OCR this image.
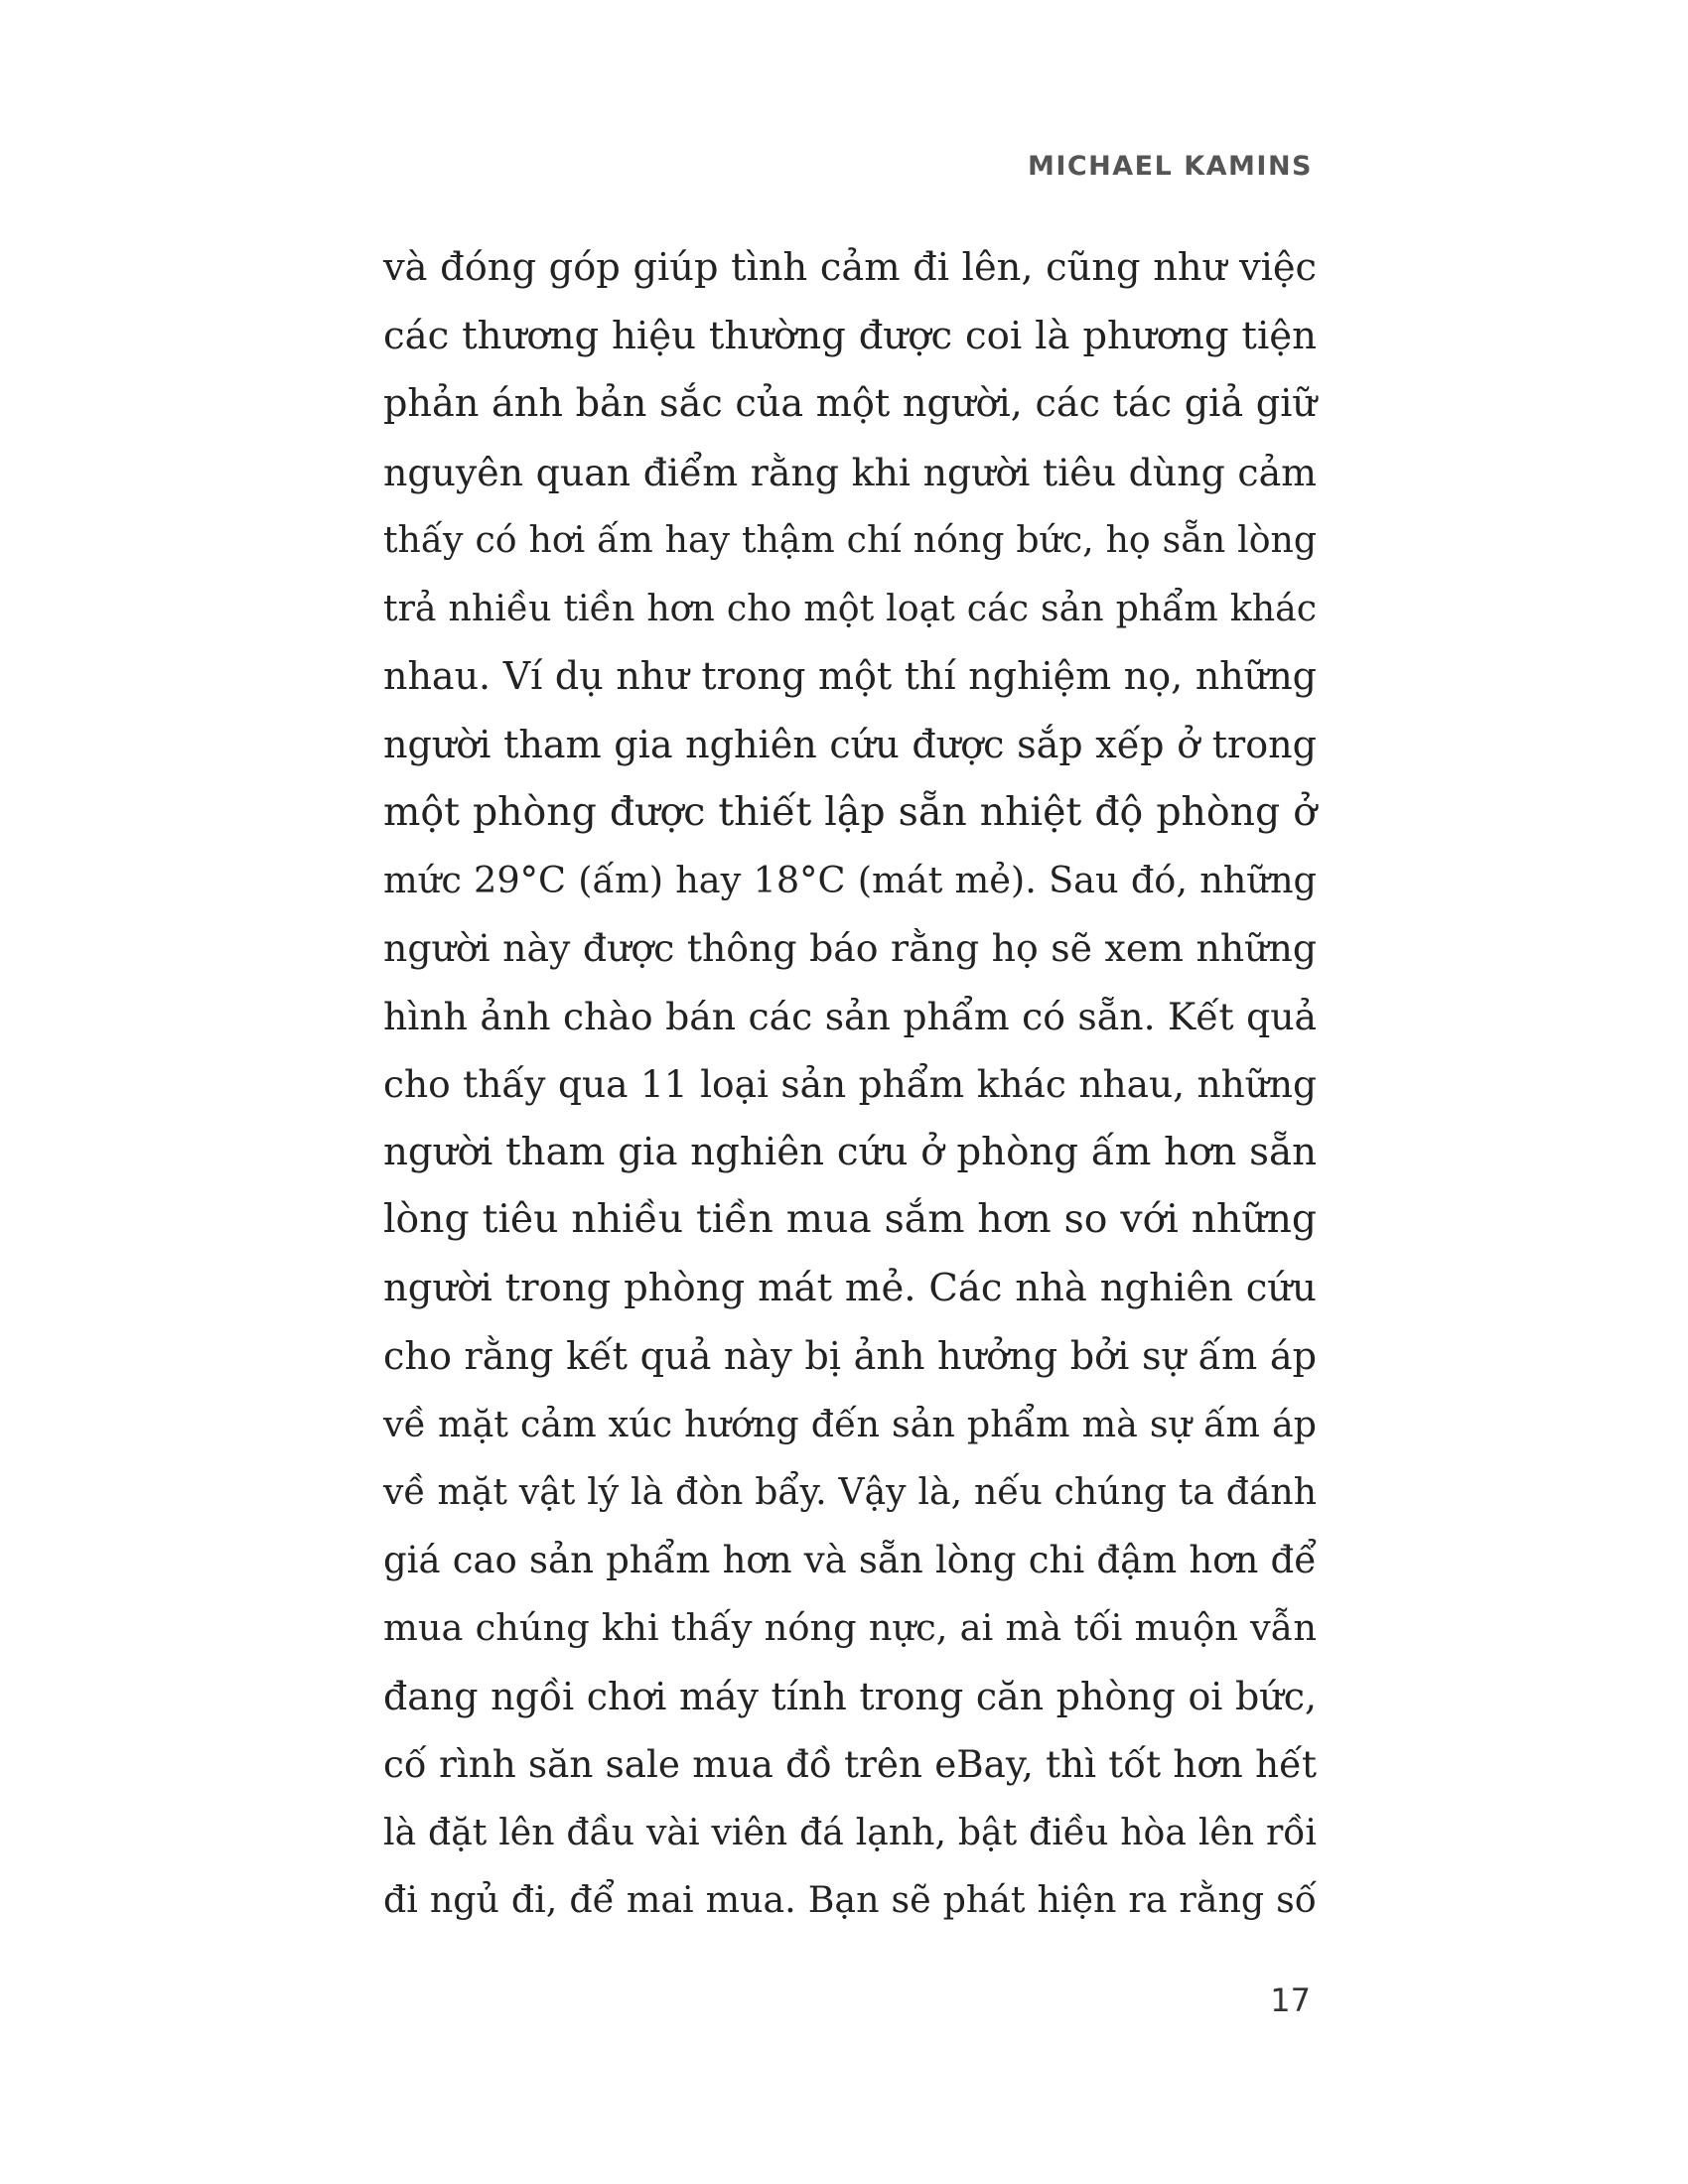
MICHAEL KAMINS
và đóng góp giúp tình cảm đi lên, cũng như việc
các thương hiệu thường được coi là phương tiện
phản ánh bản sắc của một người, các tác giả giữ
nguyên quan điểm rằng khi người tiêu dùng cảm
thấy có hơi ấm hay thậm chí nóng bức, họ sẵn lòng
trả nhiều tiền hơn cho một loạt các sản phẩm khác
nhau. Ví dụ như trong một thí nghiệm nọ, những
người tham gia nghiên cứu được sắp xếp ở trong
một phòng được thiết lập sẵn nhiệt độ phòng ở
mức 29°C (ấm) hay 18°C (mát mẻ). Sau đó, những
người này được thông báo rằng họ sẽ xem những
hình ảnh chào bán các sản phẩm có sẵn. Kết quả
cho thấy qua 11 loại sản phẩm khác nhau, những
người tham gia nghiên cứu ở phòng ấm hơn sẵn
lòng tiêu nhiều tiền mua sắm hơn so với những
người trong phòng mát mẻ. Các nhà nghiên cứu
cho rằng kết quả này bị ảnh hưởng bởi sự ấm áp
về mặt cảm xúc hướng đến sản phẩm mà sự ấm áp
về mặt vật lý là đòn bẩy. Vậy là, nếu chúng ta đánh
giá cao sản phẩm hơn và sẵn lòng chi đậm hơn để
mua chúng khi thấy nóng nực, ai mà tối muộn vẫn
đang ngồi chơi máy tính trong căn phòng oi bức,
cố rình săn sale mua đồ trên eBay, thì tốt hơn hết
là đặt lên đầu vài viên đá lạnh, bật điều hòa lên rồi
đi ngủ đi, để mai mua. Bạn sẽ phát hiện ra rằng số
17
